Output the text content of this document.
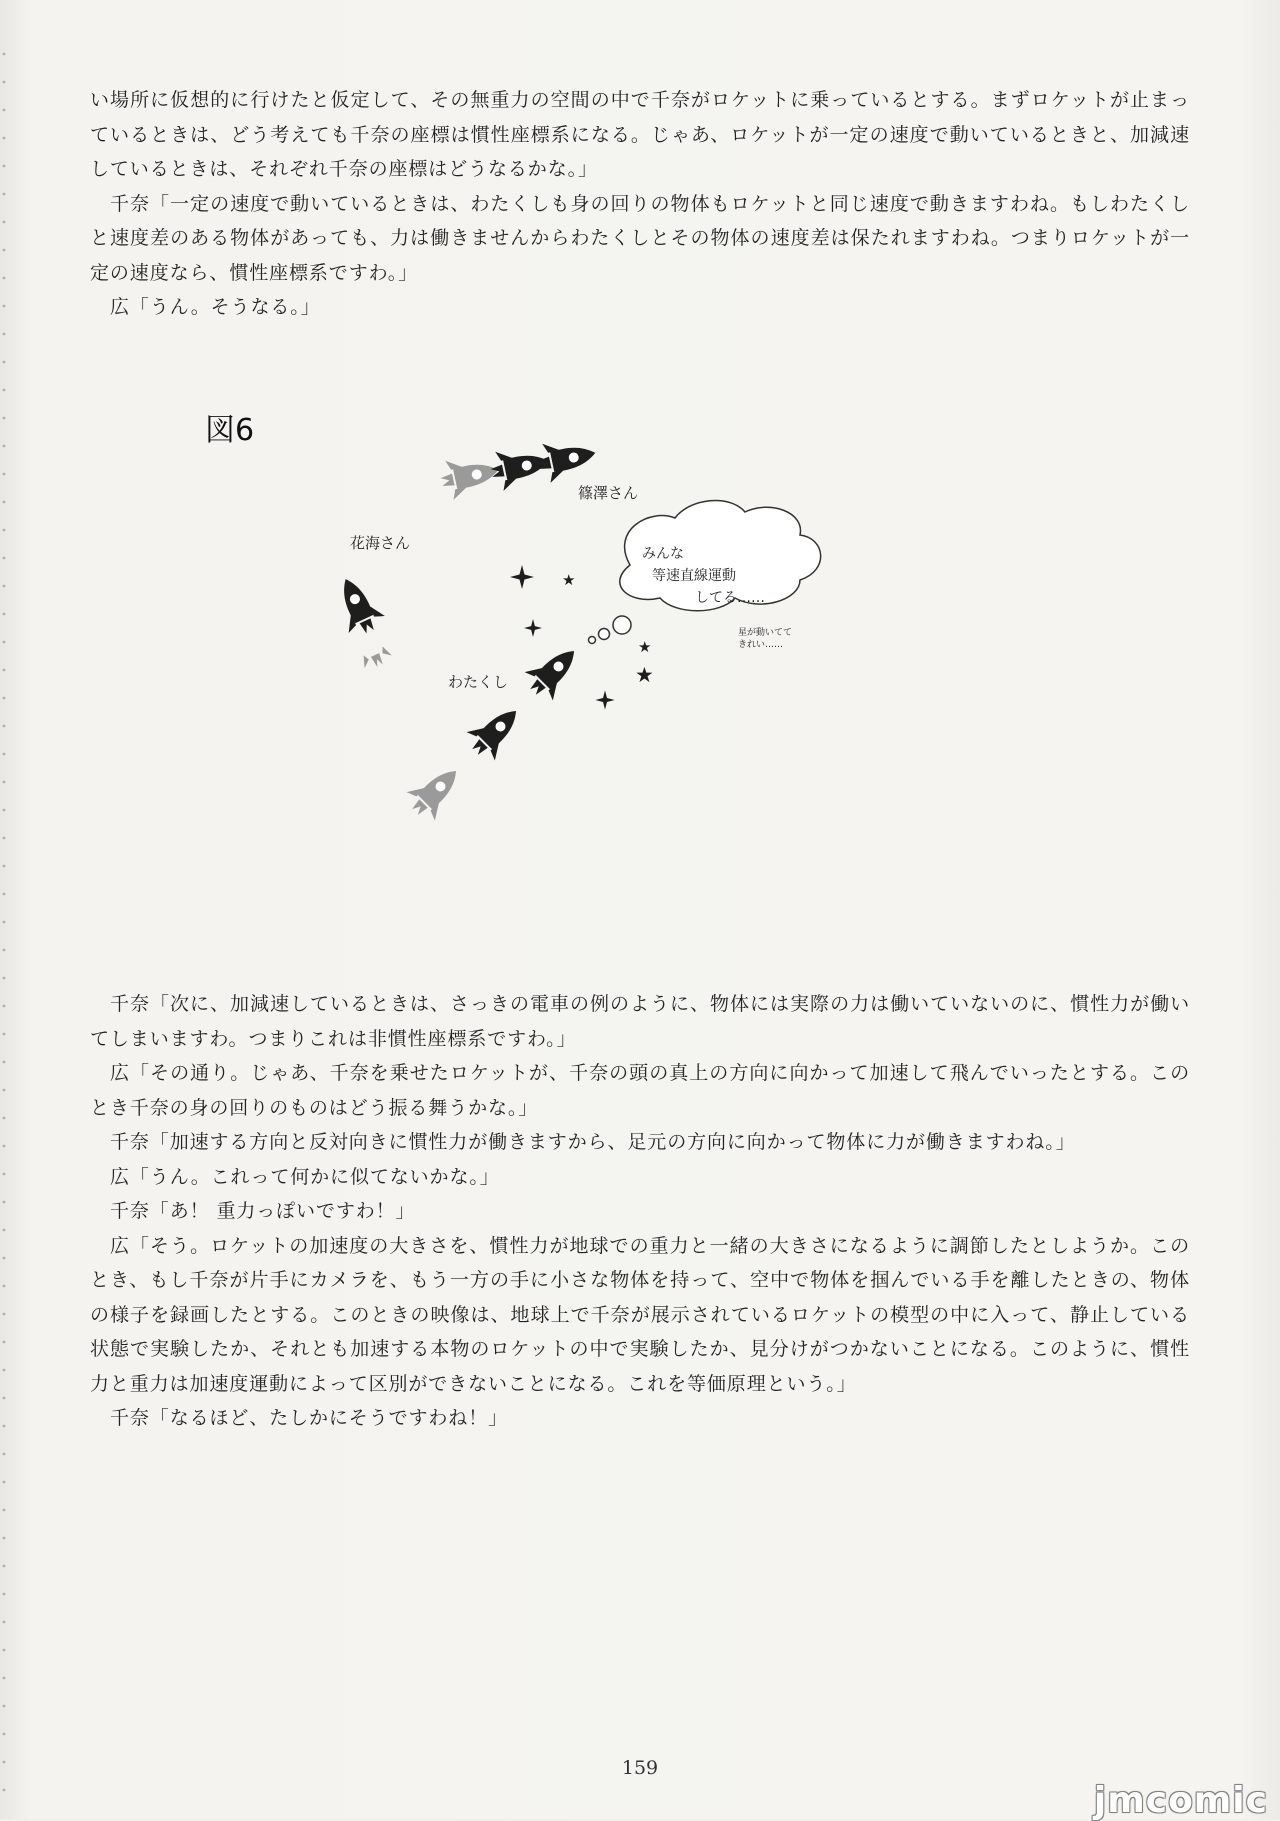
い場所に仮想的に行けたと仮定して、その無重力の空間の中で千奈がロケットに乗っているとする。まずロケットが止まっているときは、どう考えても千奈の座標は慣性座標系になる。じゃあ、ロケットが一定の速度で動いているときと、加減速しているときは、それぞれ千奈の座標はどうなるかな。」

千奈「一定の速度で動いているときは、わたくしも身の回りの物体もロケットと同じ速度で動きますわね。もしわたくしと速度差のある物体があっても、力は働きませんからわたくしとその物体の速度差は保たれますわね。つまりロケットが一定の速度なら、慣性座標系ですわ。」

広「うん。そうなる。」

図6
篠澤さん
花海さん
★
★
★
みんな
等速直線運動
してる……
星が動いてて
きれい……
わたくし

千奈「次に、加減速しているときは、さっきの電車の例のように、物体には実際の力は働いていないのに、慣性力が働いてしまいますわ。つまりこれは非慣性座標系ですわ。」

広「その通り。じゃあ、千奈を乗せたロケットが、千奈の頭の真上の方向に向かって加速して飛んでいったとする。このとき千奈の身の回りのものはどう振る舞うかな。」

千奈「加速する方向と反対向きに慣性力が働きますから、足元の方向に向かって物体に力が働きますわね。」

広「うん。これって何かに似てないかな。」

千奈「あ！ 重力っぽいですわ！」

広「そう。ロケットの加速度の大きさを、慣性力が地球での重力と一緒の大きさになるように調節したとしようか。このとき、もし千奈が片手にカメラを、もう一方の手に小さな物体を持って、空中で物体を掴んでいる手を離したときの、物体の様子を録画したとする。このときの映像は、地球上で千奈が展示されているロケットの模型の中に入って、静止している状態で実験したか、それとも加速する本物のロケットの中で実験したか、見分けがつかないことになる。このように、慣性力と重力は加速度運動によって区別ができないことになる。これを等価原理という。」

千奈「なるほど、たしかにそうですわね！」

159
jmcomic
